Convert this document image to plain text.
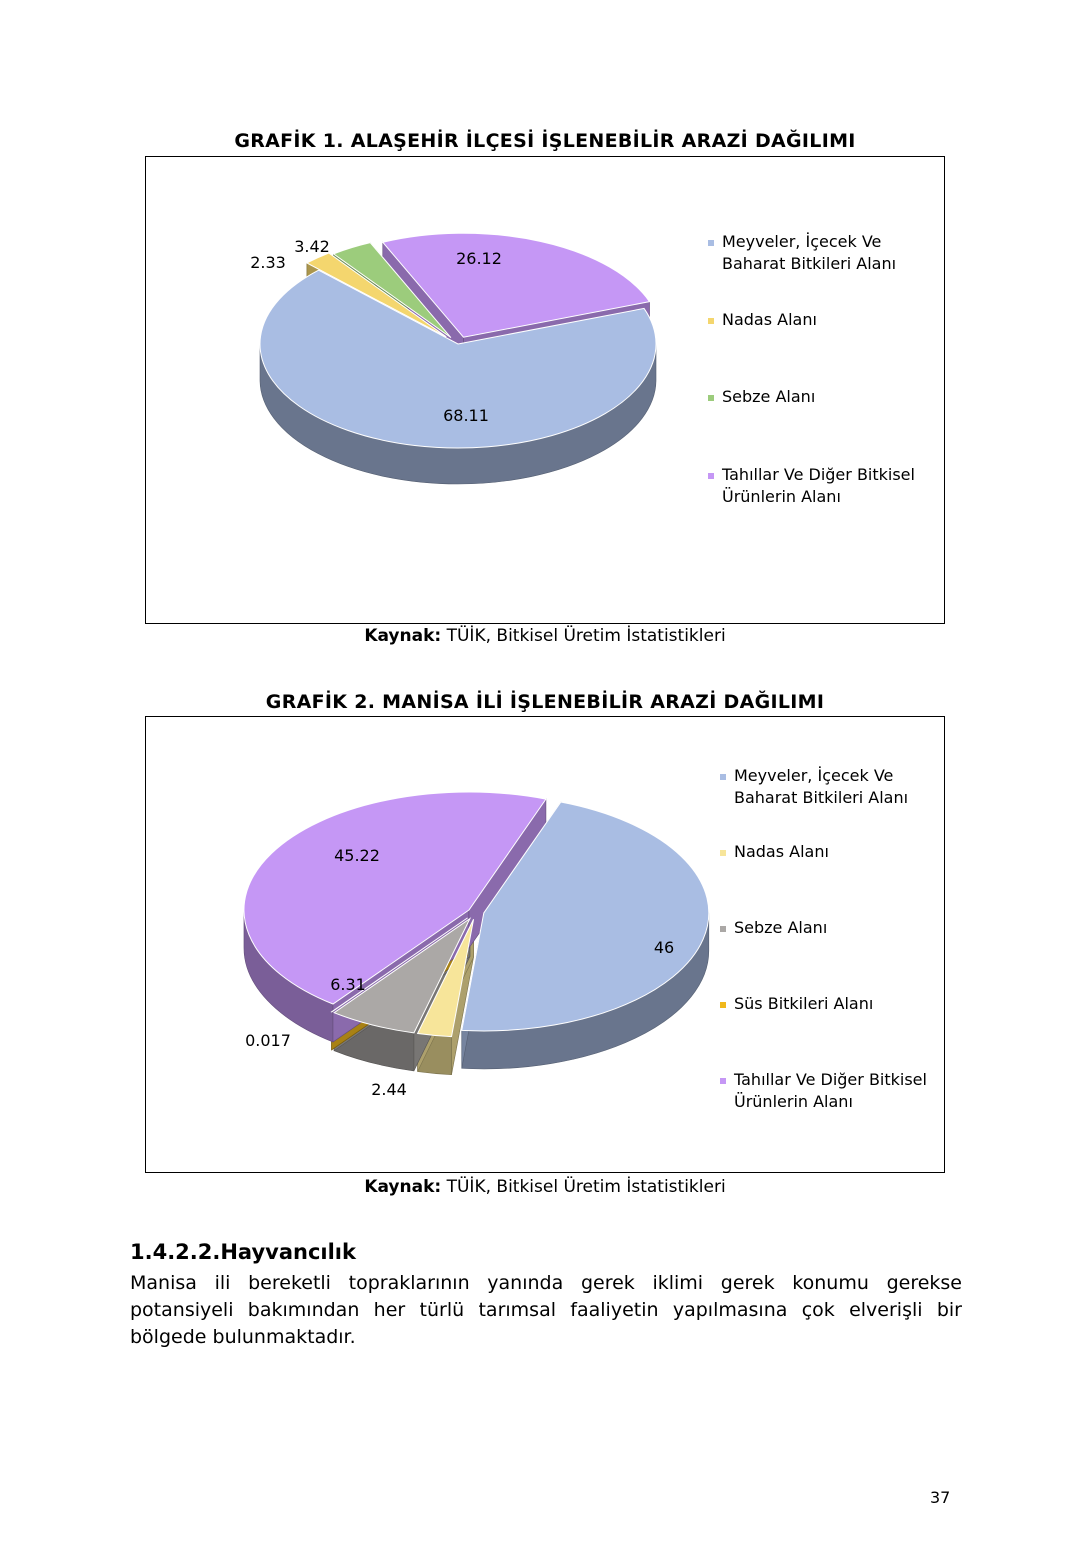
GRAFİK 1. ALAŞEHİR İLÇESİ İŞLENEBİLİR ARAZİ DAĞILIMI
68.11
2.33
3.42
26.12
Meyveler, İçecek Ve
Baharat Bitkileri Alanı
Nadas Alanı
Sebze Alanı
Tahıllar Ve Diğer Bitkisel
Ürünlerin Alanı
Kaynak: TÜİK, Bitkisel Üretim İstatistikleri
GRAFİK 2. MANİSA İLİ İŞLENEBİLİR ARAZİ DAĞILIMI
46
2.44
6.31
0.017
45.22
Meyveler, İçecek Ve
Baharat Bitkileri Alanı
Nadas Alanı
Sebze Alanı
Süs Bitkileri Alanı
Tahıllar Ve Diğer Bitkisel
Ürünlerin Alanı
Kaynak: TÜİK, Bitkisel Üretim İstatistikleri
1.4.2.2.Hayvancılık
Manisa ili bereketli topraklarının yanında gerek iklimi gerek konumu gerekse potansiyeli bakımından her türlü tarımsal faaliyetin yapılmasına çok elverişli bir bölgede bulunmaktadır.
37
